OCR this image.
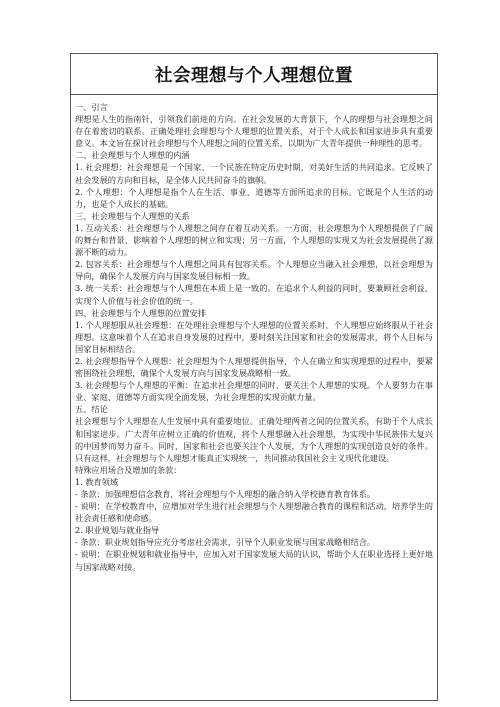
社会理想与个人理想位置

一、引言

理想是人生的指南针，引领我们前进的方向。在社会发展的大背景下，个人的理想与社会理想之间存在着密切的联系。正确处理社会理想与个人理想的位置关系，对于个人成长和国家进步具有重要意义。本文旨在探讨社会理想与个人理想之间的位置关系，以期为广大青年提供一种理性的思考。

二、社会理想与个人理想的内涵

1. 社会理想：社会理想是一个国家、一个民族在特定历史时期，对美好生活的共同追求。它反映了社会发展的方向和目标，是全体人民共同奋斗的旗帜。

2. 个人理想：个人理想是指个人在生活、事业、道德等方面所追求的目标。它既是个人生活的动力，也是个人成长的基础。

三、社会理想与个人理想的关系

1. 互动关系：社会理想与个人理想之间存在着互动关系。一方面，社会理想为个人理想提供了广阔的舞台和背景，影响着个人理想的树立和实现；另一方面，个人理想的实现又为社会发展提供了源源不断的动力。

2. 包容关系：社会理想与个人理想之间具有包容关系。个人理想应当融入社会理想，以社会理想为导向，确保个人发展方向与国家发展目标相一致。

3. 统一关系：社会理想与个人理想在本质上是一致的。在追求个人利益的同时，要兼顾社会利益，实现个人价值与社会价值的统一。

四、社会理想与个人理想的位置安排

1. 个人理想服从社会理想：在处理社会理想与个人理想的位置关系时，个人理想应始终服从于社会理想。这意味着个人在追求自身发展的过程中，要时刻关注国家和社会的发展需求，将个人目标与国家目标相结合。

2. 社会理想指导个人理想：社会理想为个人理想提供指导，个人在确立和实现理想的过程中，要紧密围绕社会理想，确保个人发展方向与国家发展战略相一致。

3. 社会理想与个人理想的平衡：在追求社会理想的同时，要关注个人理想的实现。个人要努力在事业、家庭、道德等方面实现全面发展，为社会理想的实现贡献力量。

五、结论

社会理想与个人理想在人生发展中具有重要地位。正确处理两者之间的位置关系，有助于个人成长和国家进步。广大青年应树立正确的价值观，将个人理想融入社会理想，为实现中华民族伟大复兴的中国梦而努力奋斗。同时，国家和社会也要关注个人发展，为个人理想的实现创造良好的条件。只有这样，社会理想与个人理想才能真正实现统一，共同推动我国社会主义现代化建设。

特殊应用场合及增加的条款：

1. 教育领域

- 条款：加强理想信念教育，将社会理想与个人理想的融合纳入学校德育教育体系。

- 说明：在学校教育中，应增加对学生进行社会理想与个人理想融合教育的课程和活动，培养学生的社会责任感和使命感。

2. 职业规划与就业指导

- 条款：职业规划指导应充分考虑社会需求，引导个人职业发展与国家战略相结合。

- 说明：在职业规划和就业指导中，应加入对于国家发展大局的认识，帮助个人在职业选择上更好地与国家战略对接。
